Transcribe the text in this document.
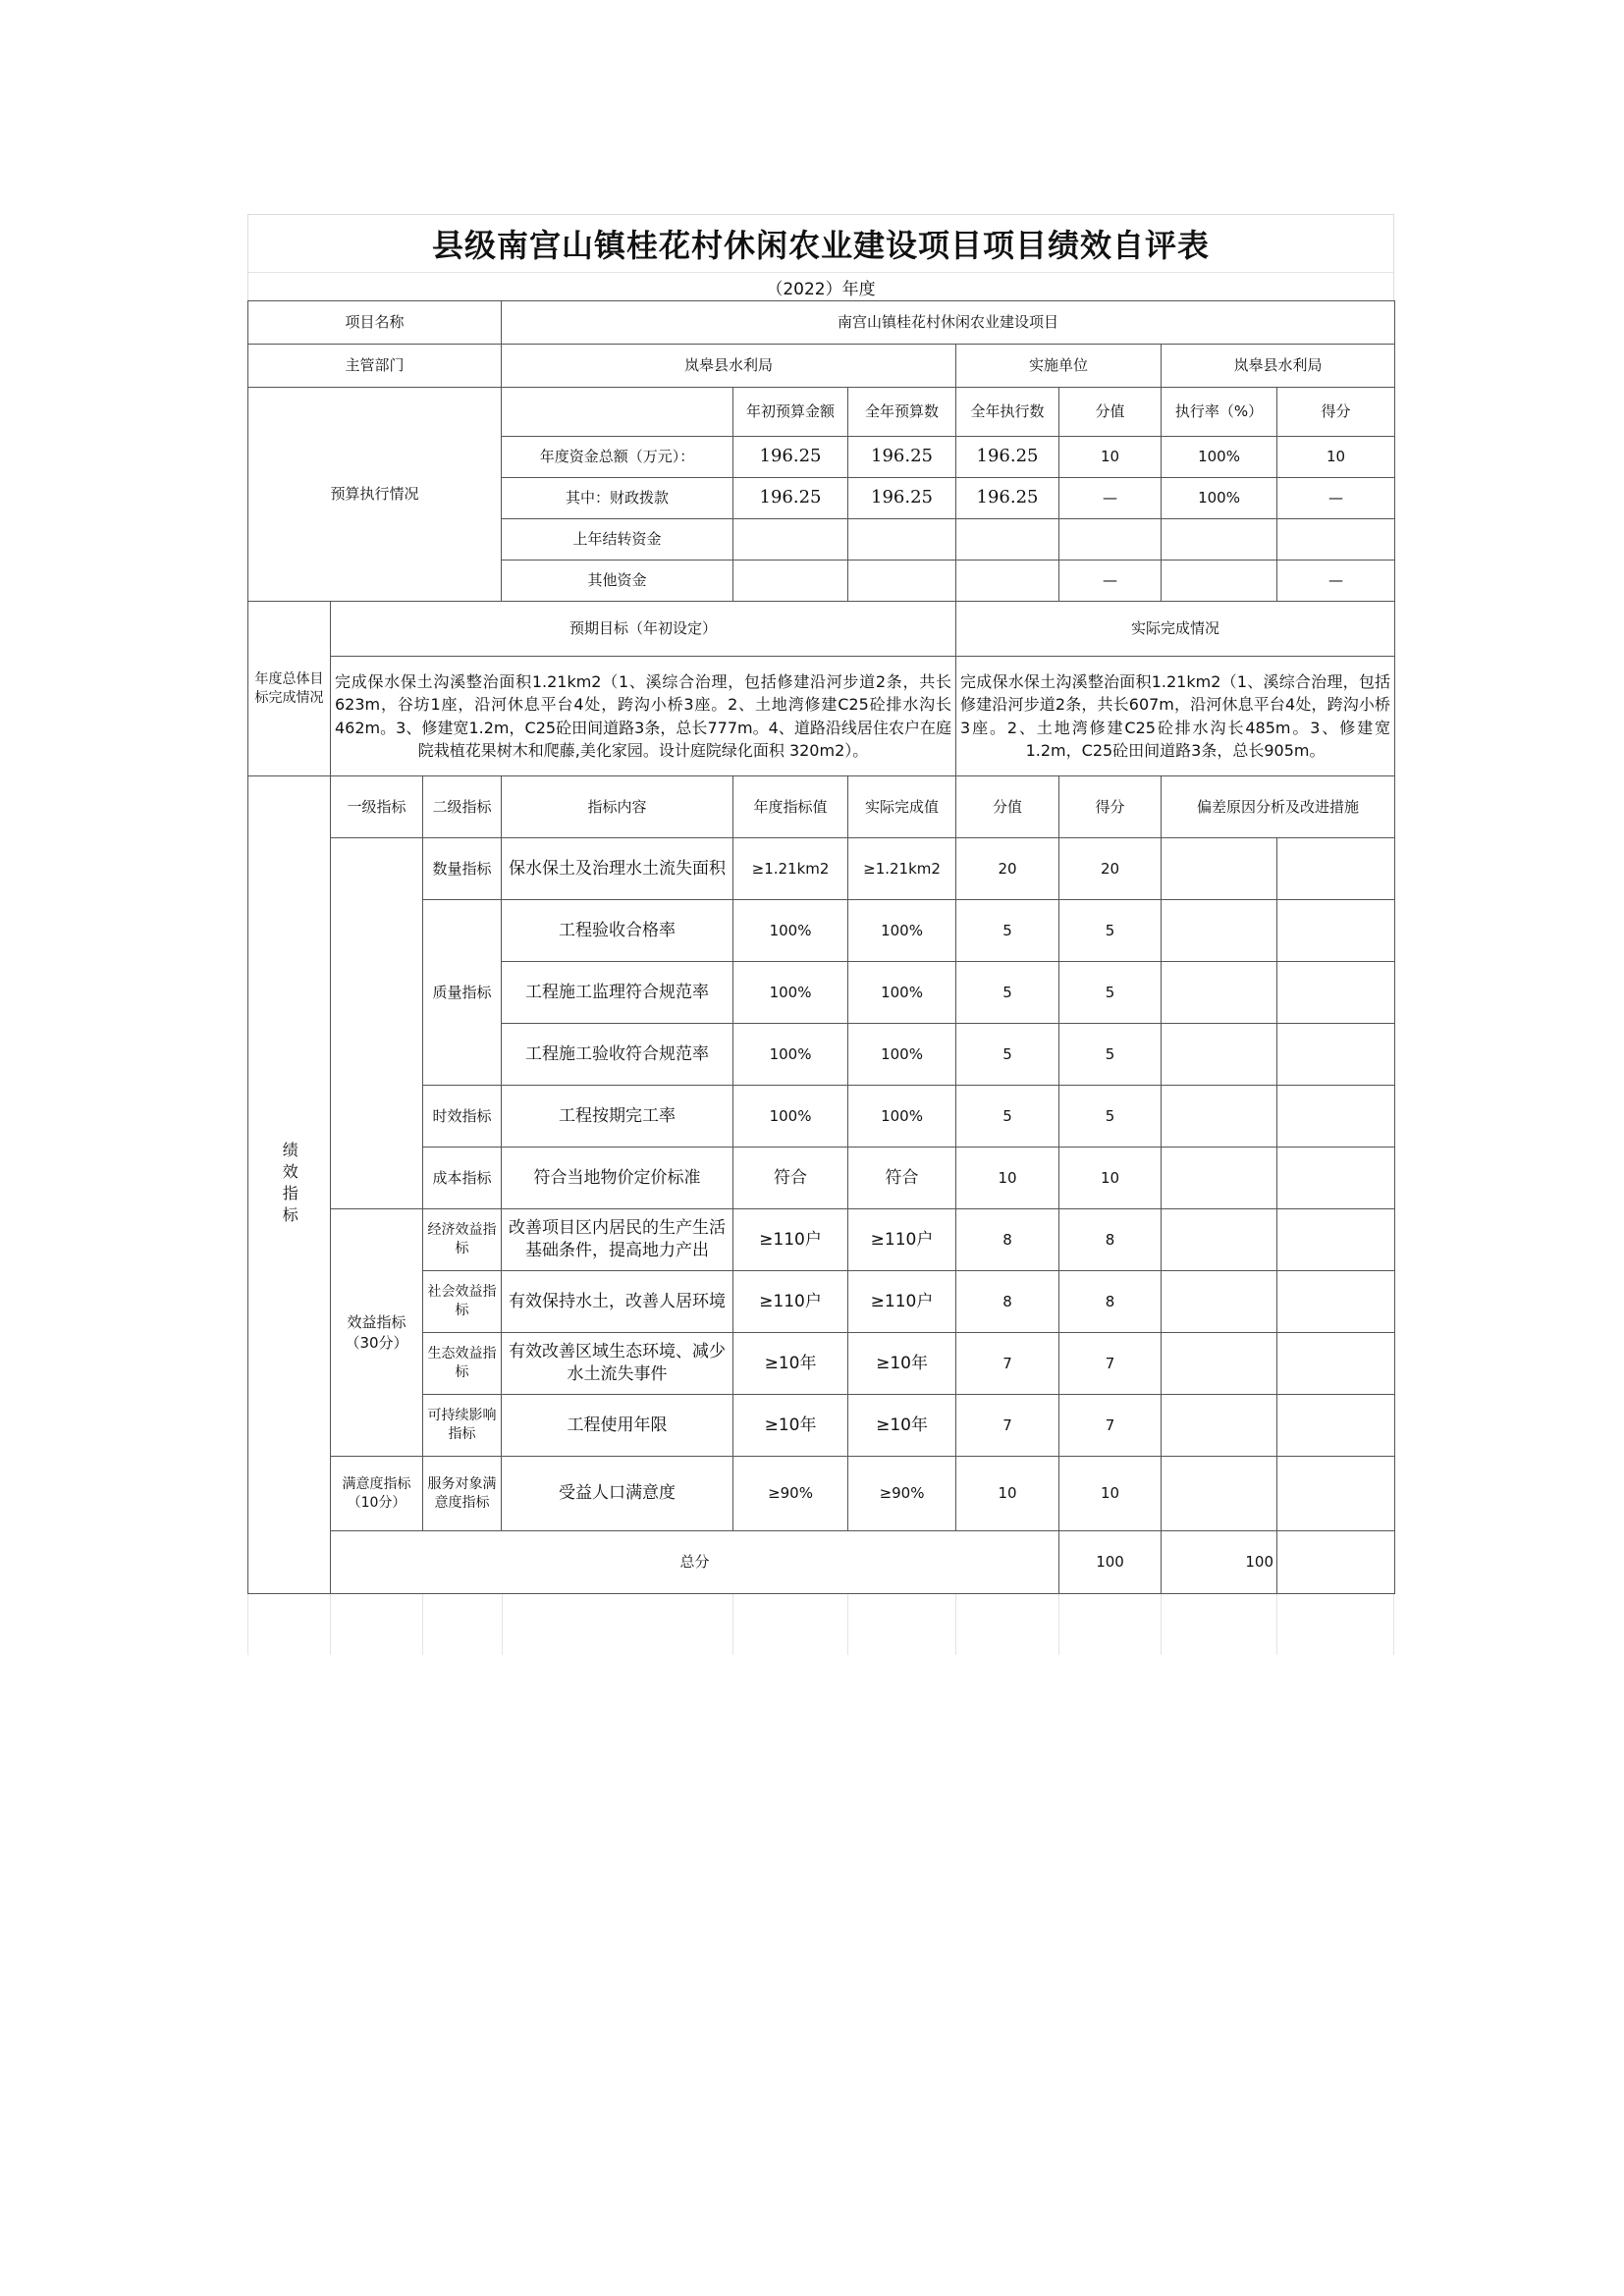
县级南宫山镇桂花村休闲农业建设项目项目绩效自评表
（2022）年度
项目名称			南宫山镇桂花村休闲农业建设项目							
主管部门			岚皋县水利局			实施单位		岚皋县水利局		
预算执行情况				年初预算金额	全年预算数	全年执行数	分值	执行率（%）	得分	
			年度资金总额（万元）：	196.25	196.25	196.25	10	100%	10	
			其中：财政拨款	196.25	196.25	196.25	—	100%	—	
			上年结转资金							
			其他资金				—		—	
年度总体目标完成情况	预期目标（年初设定）					实际完成情况				
	完成保水保土沟溪整治面积1.21km2（1、溪综合治理，包括修建沿河步道2条，共长623m，谷坊1座，沿河休息平台4处，跨沟小桥3座。2、土地湾修建C25砼排水沟长462m。3、修建宽1.2m，C25砼田间道路3条，总长777m。4、道路沿线居住农户在庭院栽植花果树木和爬藤,美化家园。设计庭院绿化面积 320m2）。					完成保水保土沟溪整治面积1.21km2（1、溪综合治理，包括修建沿河步道2条，共长607m，沿河休息平台4处，跨沟小桥3座。2、土地湾修建C25砼排水沟长485m。3、修建宽1.2m，C25砼田间道路3条，总长905m。				
绩效指标	一级指标	二级指标	指标内容	年度指标值	实际完成值	分值	得分	偏差原因分析及改进措施		
		数量指标	保水保土及治理水土流失面积	≥1.21km2	≥1.21km2	20	20			
		质量指标	工程验收合格率	100%	100%	5	5			
			工程施工监理符合规范率	100%	100%	5	5			
			工程施工验收符合规范率	100%	100%	5	5			
		时效指标	工程按期完工率	100%	100%	5	5			
		成本指标	符合当地物价定价标准	符合	符合	10	10			
	效益指标（30分）	经济效益指标	改善项目区内居民的生产生活基础条件，提高地力产出	≥110户	≥110户	8	8			
		社会效益指标	有效保持水土，改善人居环境	≥110户	≥110户	8	8			
		生态效益指标	有效改善区域生态环境、减少水土流失事件	≥10年	≥10年	7	7			
		可持续影响指标	工程使用年限	≥10年	≥10年	7	7			
	满意度指标（10分）	服务对象满意度指标	受益人口满意度	≥90%	≥90%	10	10			
	总分						100	100		
